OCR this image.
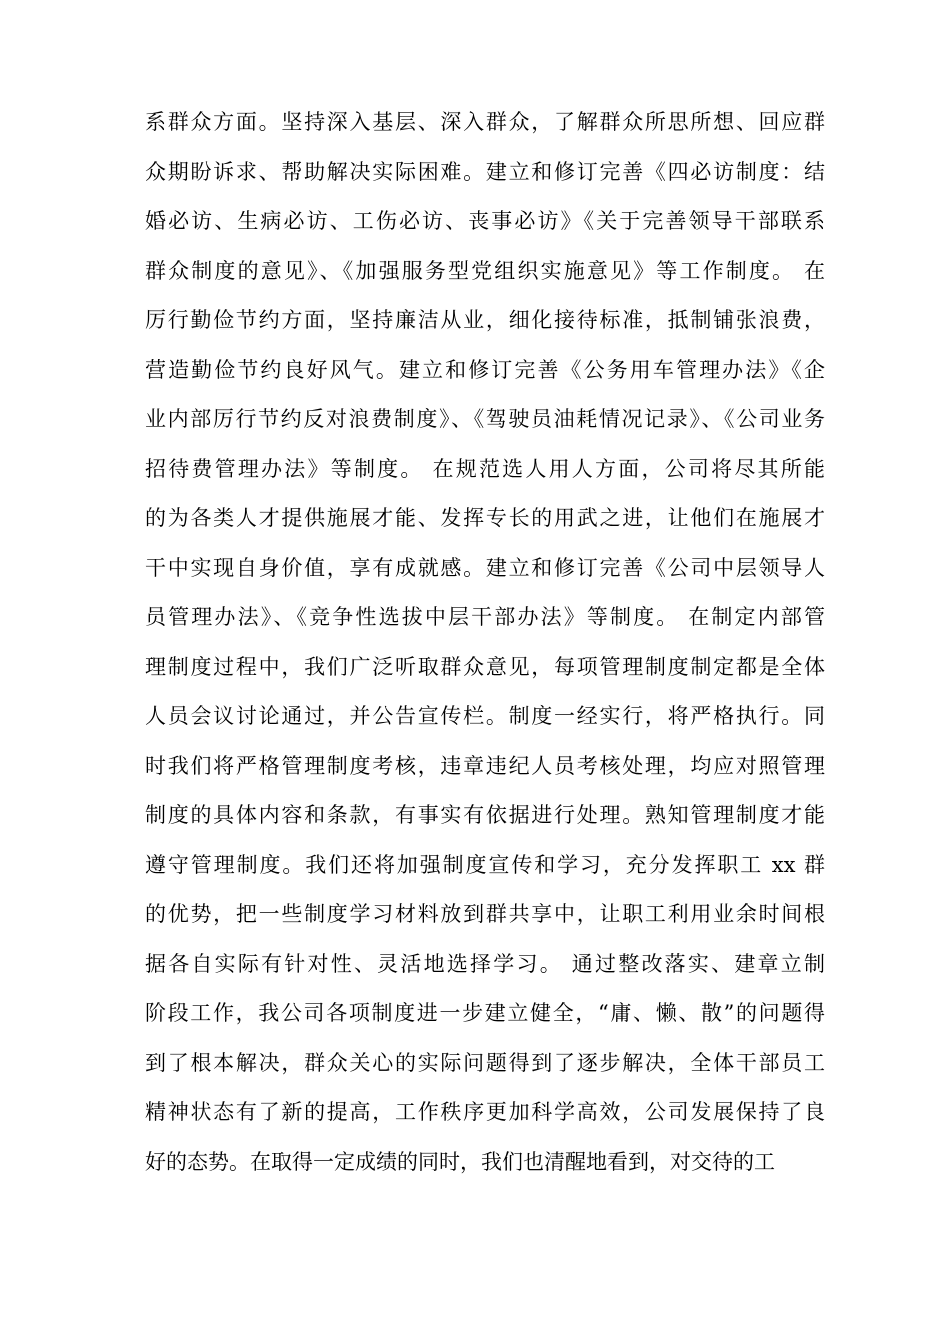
系群众方面。坚持深入基层、深入群众，了解群众所思所想、回应群
众期盼诉求、帮助解决实际困难。建立和修订完善《四必访制度：结
婚必访、生病必访、工伤必访、丧事必访》《关于完善领导干部联系
群众制度的意见》、《加强服务型党组织实施意见》等工作制度。 在
厉行勤俭节约方面，坚持廉洁从业，细化接待标准，抵制铺张浪费，
营造勤俭节约良好风气。建立和修订完善《公务用车管理办法》《企
业内部厉行节约反对浪费制度》、《驾驶员油耗情况记录》、《公司业务
招待费管理办法》等制度。 在规范选人用人方面，公司将尽其所能
的为各类人才提供施展才能、发挥专长的用武之进，让他们在施展才
干中实现自身价值，享有成就感。建立和修订完善《公司中层领导人
员管理办法》、《竞争性选拔中层干部办法》等制度。 在制定内部管
理制度过程中，我们广泛听取群众意见，每项管理制度制定都是全体
人员会议讨论通过，并公告宣传栏。制度一经实行，将严格执行。同
时我们将严格管理制度考核，违章违纪人员考核处理，均应对照管理
制度的具体内容和条款，有事实有依据进行处理。熟知管理制度才能
遵守管理制度。我们还将加强制度宣传和学习，充分发挥职工 xx 群
的优势，把一些制度学习材料放到群共享中，让职工利用业余时间根
据各自实际有针对性、灵活地选择学习。 通过整改落实、建章立制
阶段工作，我公司各项制度进一步建立健全，“庸、懒、散”的问题得
到了根本解决，群众关心的实际问题得到了逐步解决，全体干部员工
精神状态有了新的提高，工作秩序更加科学高效，公司发展保持了良
好的态势。在取得一定成绩的同时，我们也清醒地看到，对交待的工
